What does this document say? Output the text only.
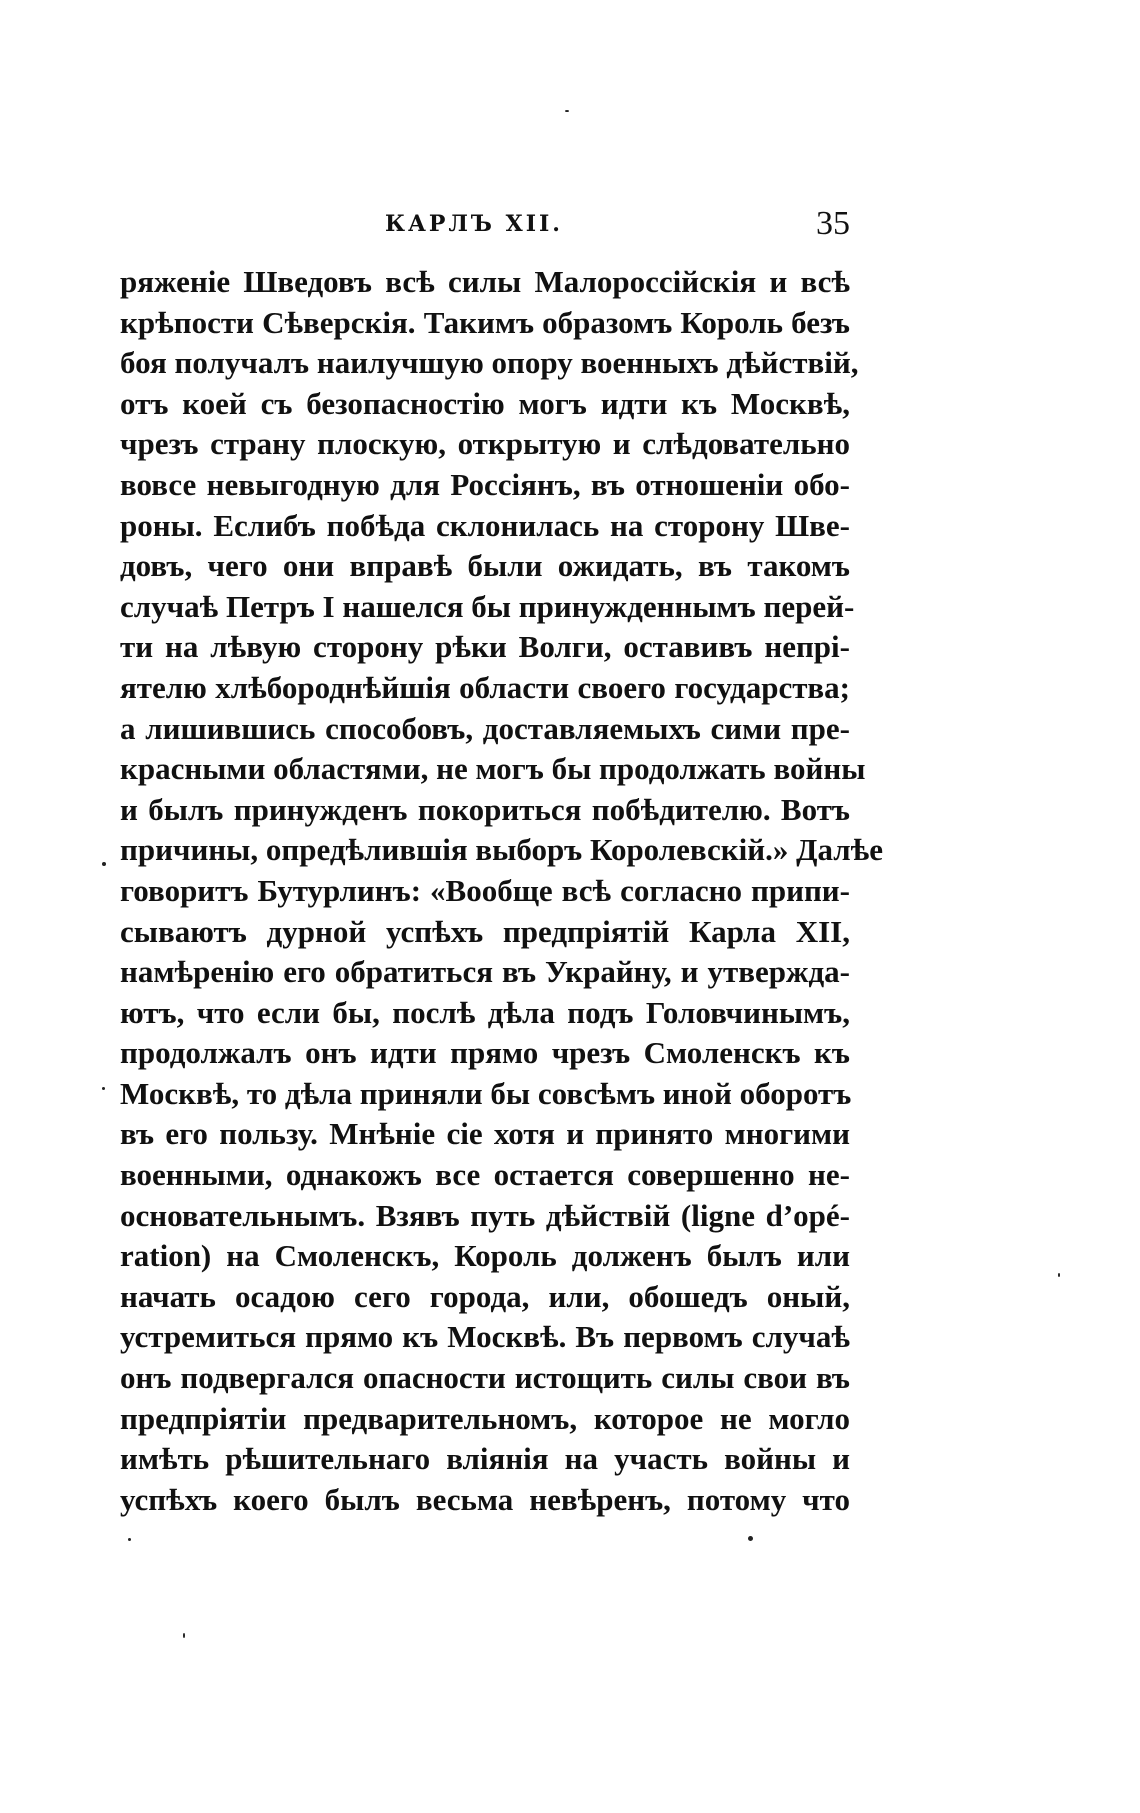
КАРЛЪ XII.	35
ряженіе Шведовъ всѣ силы Малороссійскія и всѣ
крѣпости Сѣверскія. Такимъ образомъ Король безъ
боя получалъ наилучшую опору военныхъ дѣйствій,
отъ коей съ безопасностію могъ идти къ Москвѣ,
чрезъ страну плоскую, открытую и слѣдовательно
вовсе невыгодную для Россіянъ, въ отношеніи обо-
роны. Еслибъ побѣда склонилась на сторону Шве-
довъ, чего они вправѣ были ожидать, въ такомъ
случаѣ Петръ I нашелся бы принужденнымъ перей-
ти на лѣвую сторону рѣки Волги, оставивъ непрі-
ятелю хлѣбороднѣйшія области своего государства;
а лишившись способовъ, доставляемыхъ сими пре-
красными областями, не могъ бы продолжать войны
и былъ принужденъ покориться побѣдителю. Вотъ
причины, опредѣлившія выборъ Королевскій.» Далѣе
говоритъ Бутурлинъ: «Вообще всѣ согласно припи-
сываютъ дурной успѣхъ предпріятій Карла XII,
намѣренію его обратиться въ Украйну, и утвержда-
ютъ, что если бы, послѣ дѣла подъ Головчинымъ,
продолжалъ онъ идти прямо чрезъ Смоленскъ къ
Москвѣ, то дѣла приняли бы совсѣмъ иной оборотъ
въ его пользу. Мнѣніе сіе хотя и принято многими
военными, однакожъ все остается совершенно не-
основательнымъ. Взявъ путь дѣйствій (ligne d’opé-
ration) на Смоленскъ, Король долженъ былъ или
начать осадою сего города, или, обошедъ оный,
устремиться прямо къ Москвѣ. Въ первомъ случаѣ
онъ подвергался опасности истощить силы свои въ
предпріятіи предварительномъ, которое не могло
имѣть рѣшительнаго вліянія на участь войны и
успѣхъ коего былъ весьма невѣренъ, потому что
